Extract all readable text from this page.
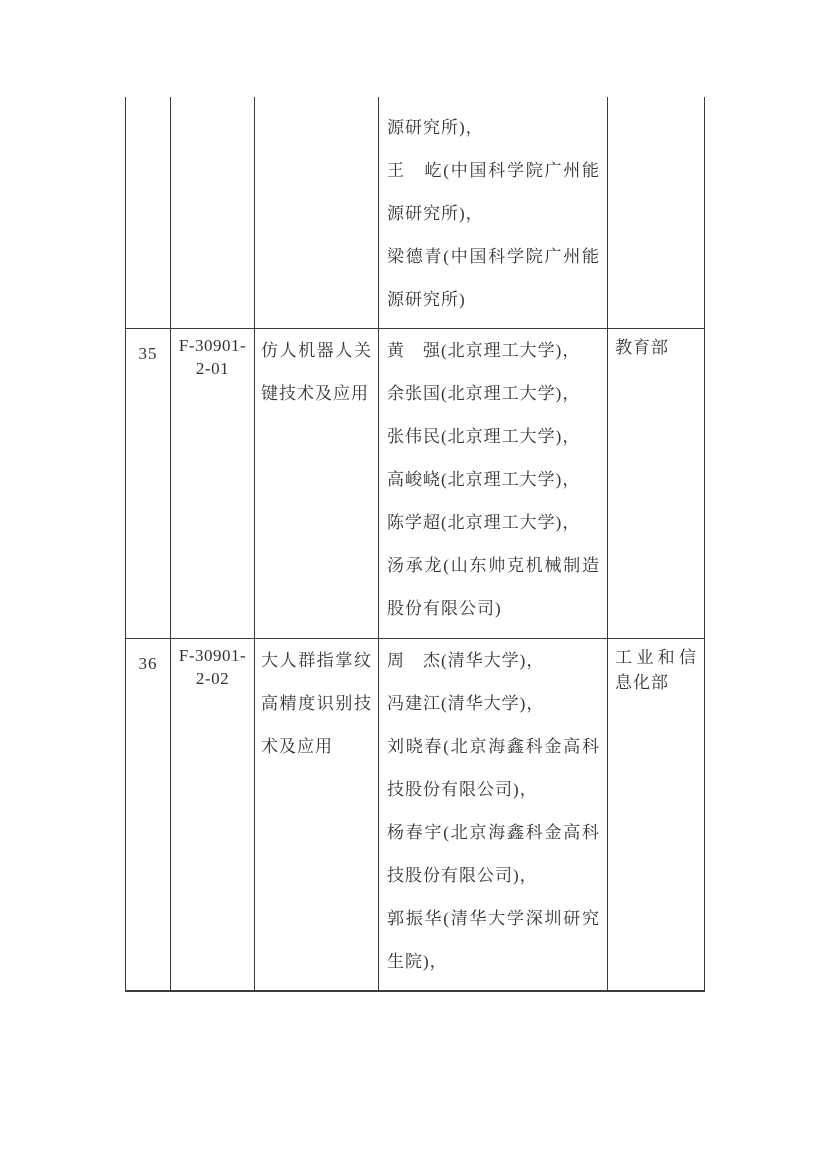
源研究所)，
王　屹(中国科学院广州能
源研究所)，
梁德青(中国科学院广州能
源研究所)
35	F-30901-
2-01
仿人机器人关
键技术及应用
黄　强(北京理工大学)，
余张国(北京理工大学)，
张伟民(北京理工大学)，
高峻峣(北京理工大学)，
陈学超(北京理工大学)，
汤承龙(山东帅克机械制造
股份有限公司)
教育部
36	F-30901-
2-02
大人群指掌纹
高精度识别技
术及应用
周　杰(清华大学)，
冯建江(清华大学)，
刘晓春(北京海鑫科金高科
技股份有限公司)，
杨春宇(北京海鑫科金高科
技股份有限公司)，
郭振华(清华大学深圳研究
生院)，
工业和信
息化部
